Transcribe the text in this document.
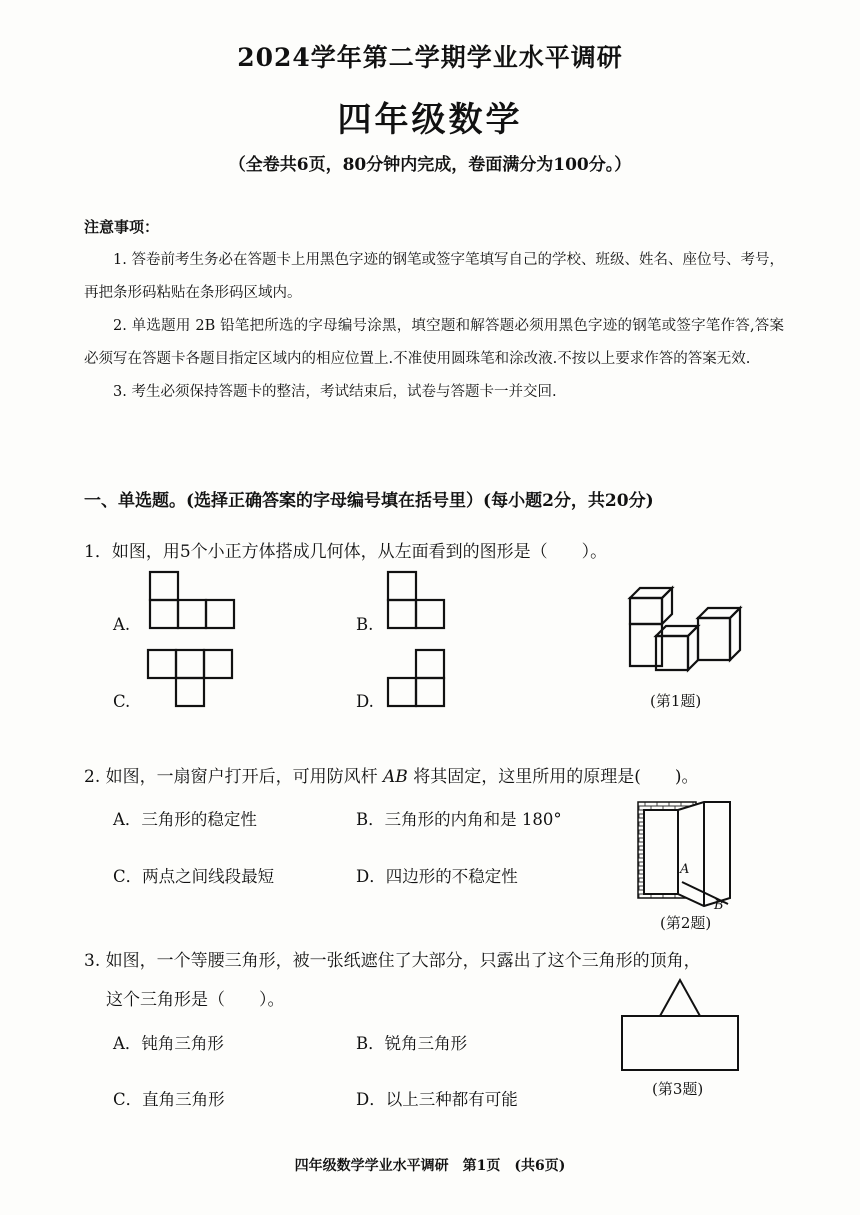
2024学年第二学期学业水平调研
四年级数学
（全卷共6页，80分钟内完成，卷面满分为100分。）
注意事项：

1. 答卷前考生务必在答题卡上用黑色字迹的钢笔或签字笔填写自己的学校、班级、姓名、座位号、考号，再把条形码粘贴在条形码区域内。

2. 单选题用 2B 铅笔把所选的字母编号涂黑，填空题和解答题必须用黑色字迹的钢笔或签字笔作答,答案必须写在答题卡各题目指定区域内的相应位置上.不准使用圆珠笔和涂改液.不按以上要求作答的答案无效.

3. 考生必须保持答题卡的整洁，考试结束后，试卷与答题卡一并交回.

一、单选题。(选择正确答案的字母编号填在括号里）(每小题2分，共20分)
1．如图，用5个小正方体搭成几何体，从左面看到的图形是（　　）。
A.	B.
C.	D.	(第1题)
2. 如图，一扇窗户打开后，可用防风杆 AB 将其固定，这里所用的原理是(　　)。
A．三角形的稳定性	B．三角形的内角和是 180°
C．两点之间线段最短	D．四边形的不稳定性	A
B
(第2题)
3. 如图，一个等腰三角形，被一张纸遮住了大部分，只露出了这个三角形的顶角，
这个三角形是（　　）。
A．钝角三角形	B．锐角三角形
C．直角三角形	D．以上三种都有可能
(第3题)
四年级数学学业水平调研　第1页　(共6页)
